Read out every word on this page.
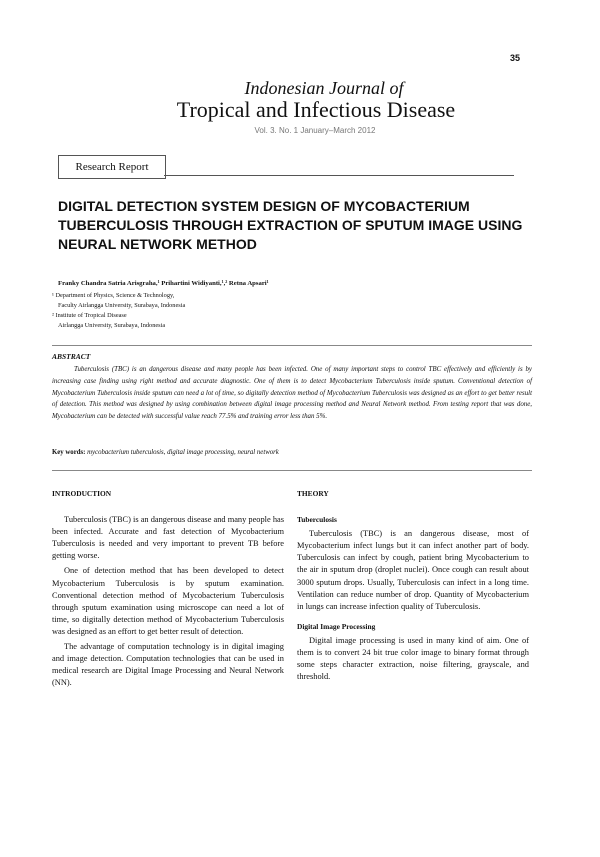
35
Indonesian Journal of
Tropical and Infectious Disease
Vol. 3. No. 1 January–March 2012
Research Report
DIGITAL DETECTION SYSTEM DESIGN OF MYCOBACTERIUM TUBERCULOSIS THROUGH EXTRACTION OF SPUTUM IMAGE USING NEURAL NETWORK METHOD
Franky Chandra Satria Arisgraha,¹ Prihartini Widiyanti,¹,² Retna Apsari¹
¹ Department of Physics, Science & Technology,
Faculty Airlangga University, Surabaya, Indonesia
² Institute of Tropical Disease
Airlangga University, Surabaya, Indonesia
ABSTRACT
Tuberculosis (TBC) is an dangerous disease and many people has been infected. One of many important steps to control TBC effectively and efficiently is by increasing case finding using right method and accurate diagnostic. One of them is to detect Mycobacterium Tuberculosis inside sputum. Conventional detection of Mycobacterium Tuberculosis inside sputum can need a lot of time, so digitally detection method of Mycobacterium Tuberculosis was designed as an effort to get better result of detection. This method was designed by using combination between digital image processing method and Neural Network method. From testing report that was done, Mycobacterium can be detected with successful value reach 77.5% and training error less than 5%.
Key words: mycobacterium tuberculosis, digital image processing, neural network
INTRODUCTION

Tuberculosis (TBC) is an dangerous disease and many people has been infected. Accurate and fast detection of Mycobacterium Tuberculosis is needed and very important to prevent TB before getting worse.

One of detection method that has been developed to detect Mycobacterium Tuberculosis is by sputum examination. Conventional detection method of Mycobacterium Tuberculosis through sputum examination using microscope can need a lot of time, so digitally detection method of Mycobacterium Tuberculosis was designed as an effort to get better result of detection.

The advantage of computation technology is in digital imaging and image detection. Computation technologies that can be used in medical research are Digital Image Processing and Neural Network (NN).

THEORY
Tuberculosis

Tuberculosis (TBC) is an dangerous disease, most of Mycobacterium infect lungs but it can infect another part of body. Tuberculosis can infect by cough, patient bring Mycobacterium to the air in sputum drop (droplet nuclei). Once cough can result about 3000 sputum drops. Usually, Tuberculosis can infect in a long time. Ventilation can reduce number of drop. Quantity of Mycobacterium in lungs can increase infection quality of Tuberculosis.

Digital Image Processing

Digital image processing is used in many kind of aim. One of them is to convert 24 bit true color image to binary format through some steps character extraction, noise filtering, grayscale, and threshold.
